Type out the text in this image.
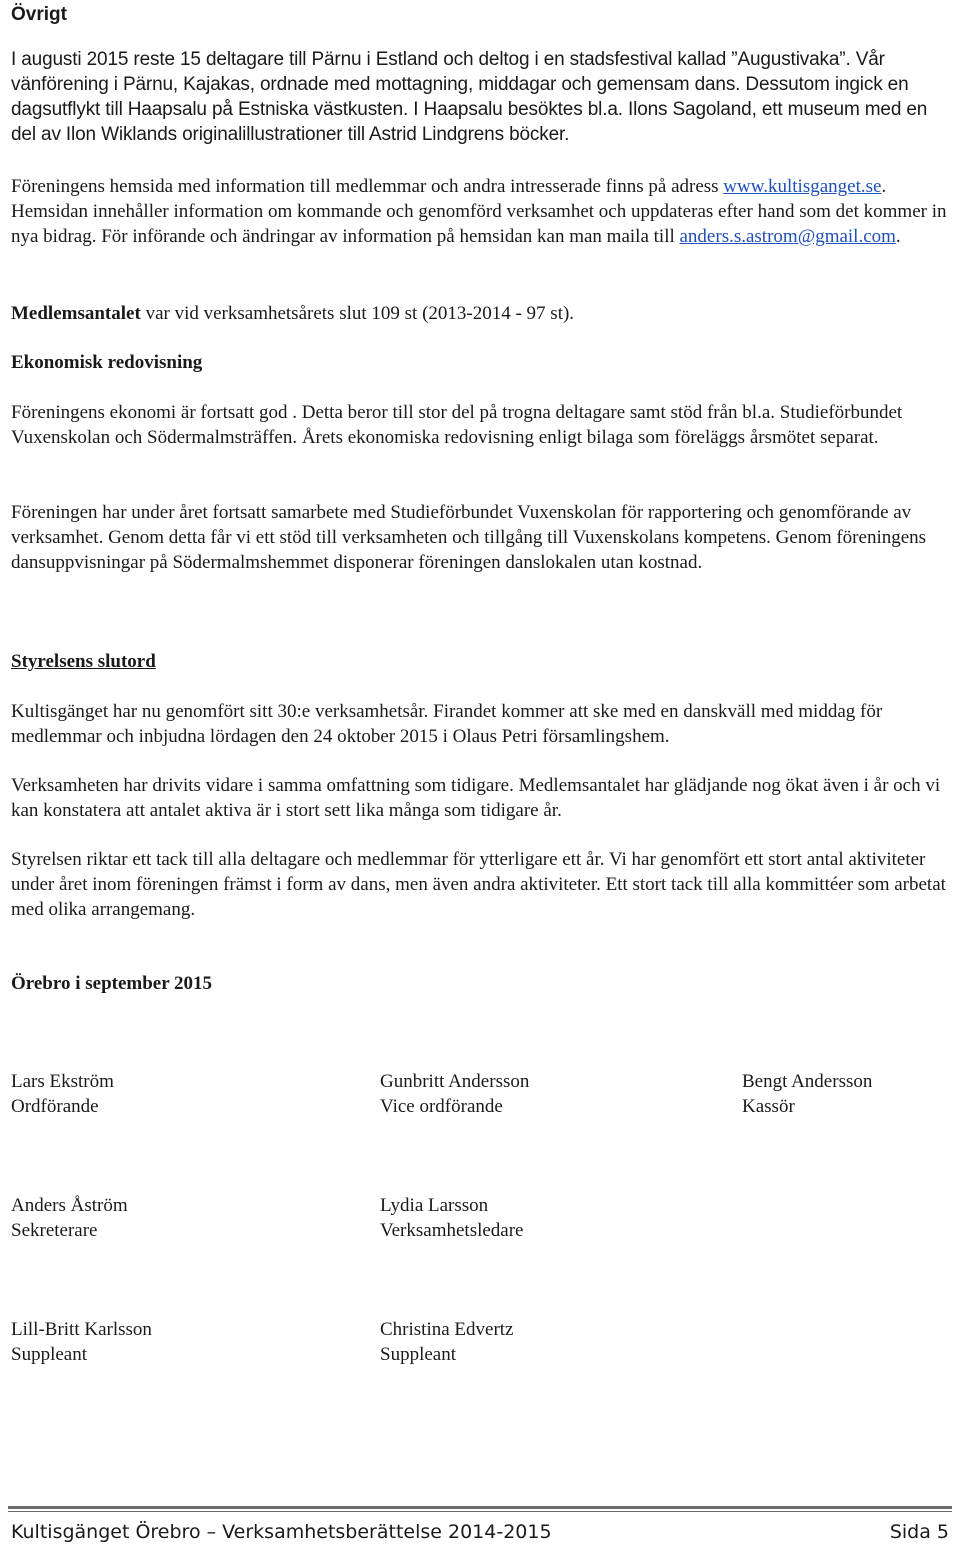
Övrigt

I augusti 2015 reste 15 deltagare till Pärnu i Estland och deltog i en stadsfestival kallad ”Augustivaka”. Vår vänförening i Pärnu, Kajakas, ordnade med mottagning, middagar och gemensam dans. Dessutom ingick en dagsutflykt till Haapsalu på Estniska västkusten. I Haapsalu besöktes bl.a. Ilons Sagoland, ett museum med en del av Ilon Wiklands originalillustrationer till Astrid Lindgrens böcker.

Föreningens hemsida med information till medlemmar och andra intresserade finns på adress www.kultisganget.se. Hemsidan innehåller information om kommande och genomförd verksamhet och uppdateras efter hand som det kommer in nya bidrag. För införande och ändringar av information på hemsidan kan man maila till anders.s.astrom@gmail.com.

Medlemsantalet var vid verksamhetsårets slut 109 st (2013-2014 - 97 st).

Ekonomisk redovisning

Föreningens ekonomi är fortsatt god . Detta beror till stor del på trogna deltagare samt stöd från bl.a. Studieförbundet Vuxenskolan och Södermalmsträffen. Årets ekonomiska redovisning enligt bilaga som föreläggs årsmötet separat.

Föreningen har under året fortsatt samarbete med Studieförbundet Vuxenskolan för rapportering och genomförande av verksamhet. Genom detta får vi ett stöd till verksamheten och tillgång till Vuxenskolans kompetens. Genom föreningens dansuppvisningar på Södermalmshemmet disponerar föreningen danslokalen utan kostnad.

Styrelsens slutord

Kultisgänget har nu genomfört sitt 30:e verksamhetsår. Firandet kommer att ske med en danskväll med middag för medlemmar och inbjudna lördagen den 24 oktober 2015 i Olaus Petri församlingshem.

Verksamheten har drivits vidare i samma omfattning som tidigare. Medlemsantalet har glädjande nog ökat även i år och vi kan konstatera att antalet aktiva är i stort sett lika många som tidigare år.

Styrelsen riktar ett tack till alla deltagare och medlemmar för ytterligare ett år. Vi har genomfört ett stort antal aktiviteter under året inom föreningen främst i form av dans, men även andra aktiviteter. Ett stort tack till alla kommittéer som arbetat med olika arrangemang.

Örebro i september 2015

Lars Ekström
Ordförande
Gunbritt Andersson
Vice ordförande
Bengt Andersson
Kassör
Anders Åström
Sekreterare
Lydia Larsson
Verksamhetsledare
Lill-Britt Karlsson
Suppleant
Christina Edvertz
Suppleant
Kultisgänget Örebro – Verksamhetsberättelse 2014-2015	Sida 5
